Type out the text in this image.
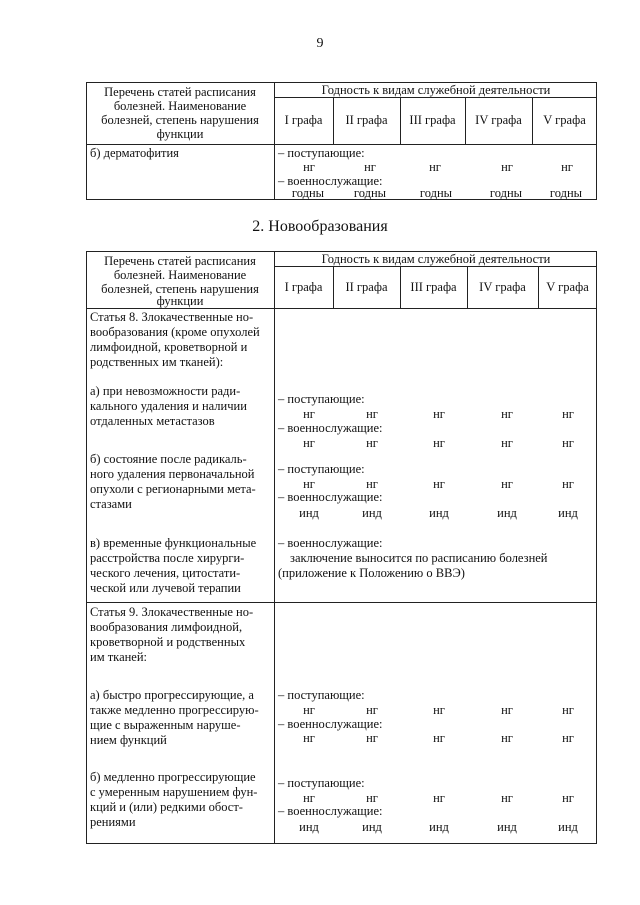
9
Перечень статей расписания
болезней. Наименование
болезней, степень нарушения
функции
Годность к видам служебной деятельности
I графа	II графа	III графа	IV графа	V графа
б) дерматофития	– поступающие:
нг	нг	нг	нг	нг
– военнослужащие:
годны	годны	годны	годны	годны
2. Новообразования
Перечень статей расписания
болезней. Наименование
болезней, степень нарушения
функции
Годность к видам служебной деятельности
I графа	II графа	III графа	IV графа	V графа
Статья 8. Злокачественные но-
вообразования (кроме опухолей
лимфоидной, кроветворной и
родственных им тканей):
а) при невозможности ради-
кального удаления и наличии
отдаленных метастазов
– поступающие:
нг	нг	нг	нг	нг
– военнослужащие:
нг	нг	нг	нг	нг
б) состояние после радикаль-
ного удаления первоначальной
опухоли с регионарными мета-
стазами
– поступающие:
нг	нг	нг	нг	нг
– военнослужащие:
инд	инд	инд	инд	инд
в) временные функциональные
расстройства после хирурги-
ческого лечения, цитостати-
ческой или лучевой терапии
– военнослужащие:
заключение выносится по расписанию болезней
(приложение к Положению о ВВЭ)
Статья 9. Злокачественные но-
вообразования лимфоидной,
кроветворной и родственных
им тканей:
а) быстро прогрессирующие, а
также медленно прогрессирую-
щие с выраженным наруше-
нием функций
– поступающие:
нг	нг	нг	нг	нг
– военнослужащие:
нг	нг	нг	нг	нг
б) медленно прогрессирующие
с умеренным нарушением фун-
кций и (или) редкими обост-
рениями
– поступающие:
нг	нг	нг	нг	нг
– военнослужащие:
инд	инд	инд	инд	инд
